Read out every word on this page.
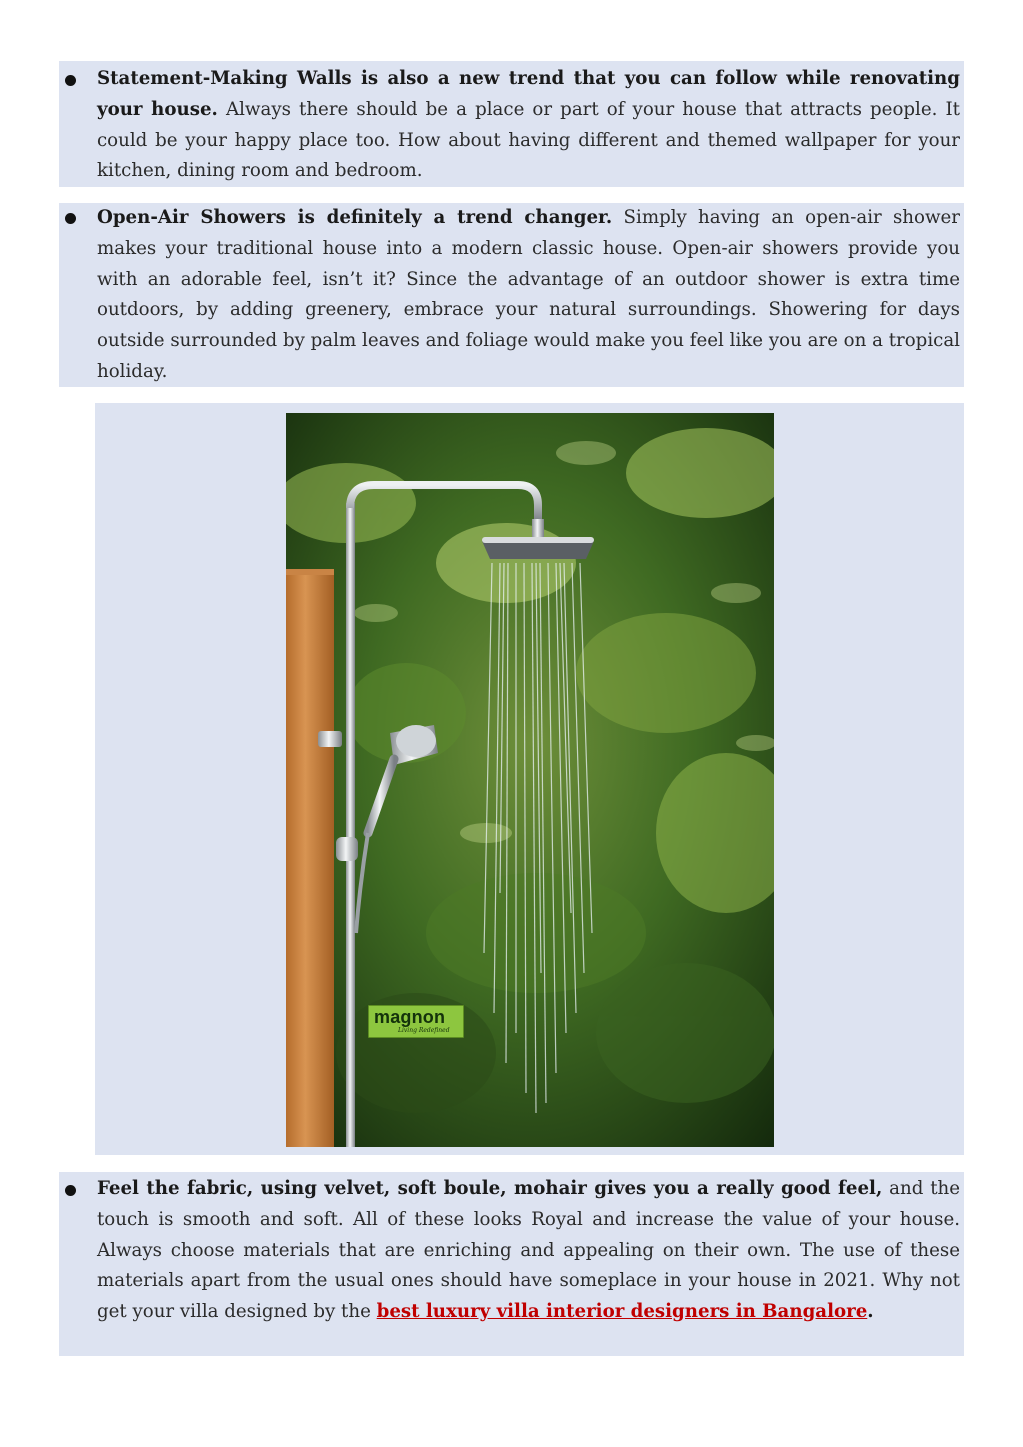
Statement-Making Walls is also a new trend that you can follow while renovating your house. Always there should be a place or part of your house that attracts people. It could be your happy place too. How about having different and themed wallpaper for your kitchen, dining room and bedroom.

Open-Air Showers is definitely a trend changer. Simply having an open-air shower makes your traditional house into a modern classic house. Open-air showers provide you with an adorable feel, isn’t it? Since the advantage of an outdoor shower is extra time outdoors, by adding greenery, embrace your natural surroundings. Showering for days outside surrounded by palm leaves and foliage would make you feel like you are on a tropical holiday.

magnon
Living Redefined

Feel the fabric, using velvet, soft boule, mohair gives you a really good feel, and the touch is smooth and soft. All of these looks Royal and increase the value of your house. Always choose materials that are enriching and appealing on their own. The use of these materials apart from the usual ones should have someplace in your house in 2021. Why not get your villa designed by the best luxury villa interior designers in Bangalore.
